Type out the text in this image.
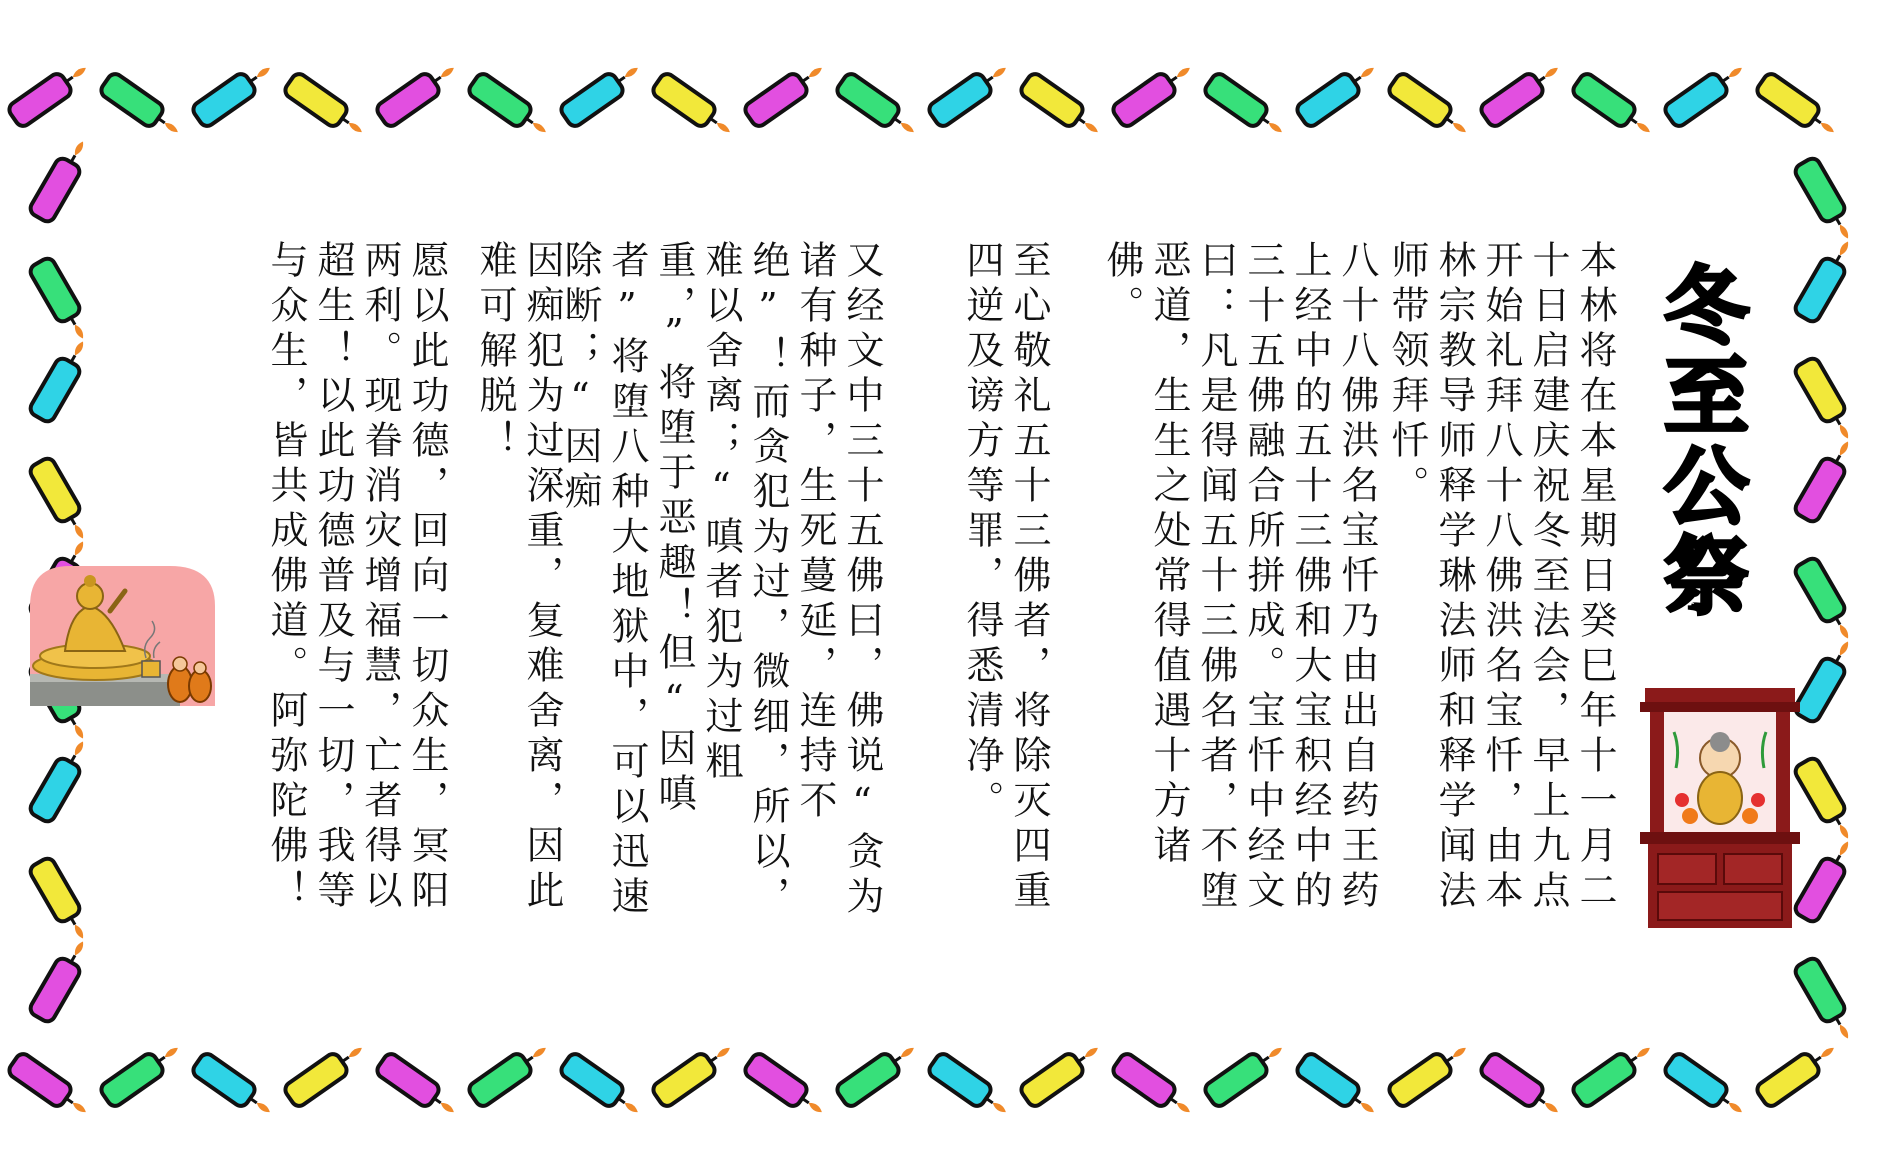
冬至公祭
本林将在本星期日癸巳年十一月二十日启建庆祝冬至法会，早上九点开始礼拜八十八佛洪名宝忏，由本林宗教导师释学琳法师和释学闻法师带领拜忏。
八十八佛洪名宝忏乃由出自药王药上经中的五十三佛和大宝积经中的三十五佛融合所拼成。宝忏中经文曰：凡是得闻五十三佛名者，不堕恶道，生生之处常得值遇十方诸佛。
至心敬礼五十三佛者，将除灭四重四逆及谤方等罪，得悉清净。
又经文中三十五佛曰，佛说“贪为诸有种子，生死蔓延，连持不绝”！而贪犯为过，微细，所以，难以舍离；“嗔者犯为过粗重，”将堕于恶趣！但“因嗔者”将堕八种大地狱中，可以迅速除断；“因痴
因痴犯为过深重，复难舍离，因此难可解脱！
愿以此功德，回向一切众生，冥阳两利。现眷消灾增福慧，亡者得以超生！以此功德普及与一切，我等与众生，皆共成佛道。阿弥陀佛！
